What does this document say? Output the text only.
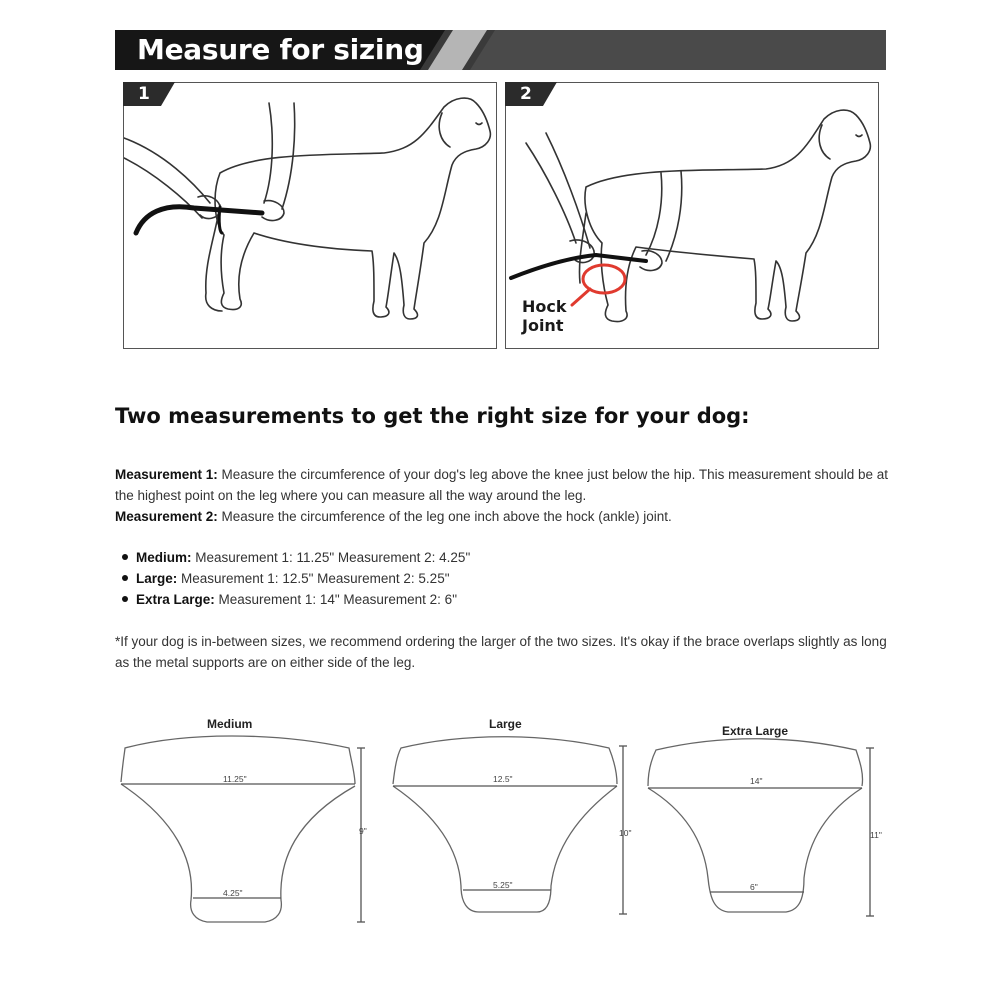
Measure for sizing
1	2
Hock
Joint
Two measurements to get the right size for your dog:
Measurement 1: Measure the circumference of your dog's leg above the knee just below the hip. This measurement should be at the highest point on the leg where you can measure all the way around the leg.
Measurement 2: Measure the circumference of the leg one inch above the hock (ankle) joint.
Medium: Measurement 1: 11.25" Measurement 2: 4.25"
Large: Measurement 1: 12.5" Measurement 2: 5.25"
Extra Large: Measurement 1: 14" Measurement 2: 6"
*If your dog is in-between sizes, we recommend ordering the larger of the two sizes. It's okay if the brace overlaps slightly as long as the metal supports are on either side of the leg.
Medium
11.25"
4.25"
9"
Large
12.5"
5.25"
10"
Extra Large
14"
6"
11"
